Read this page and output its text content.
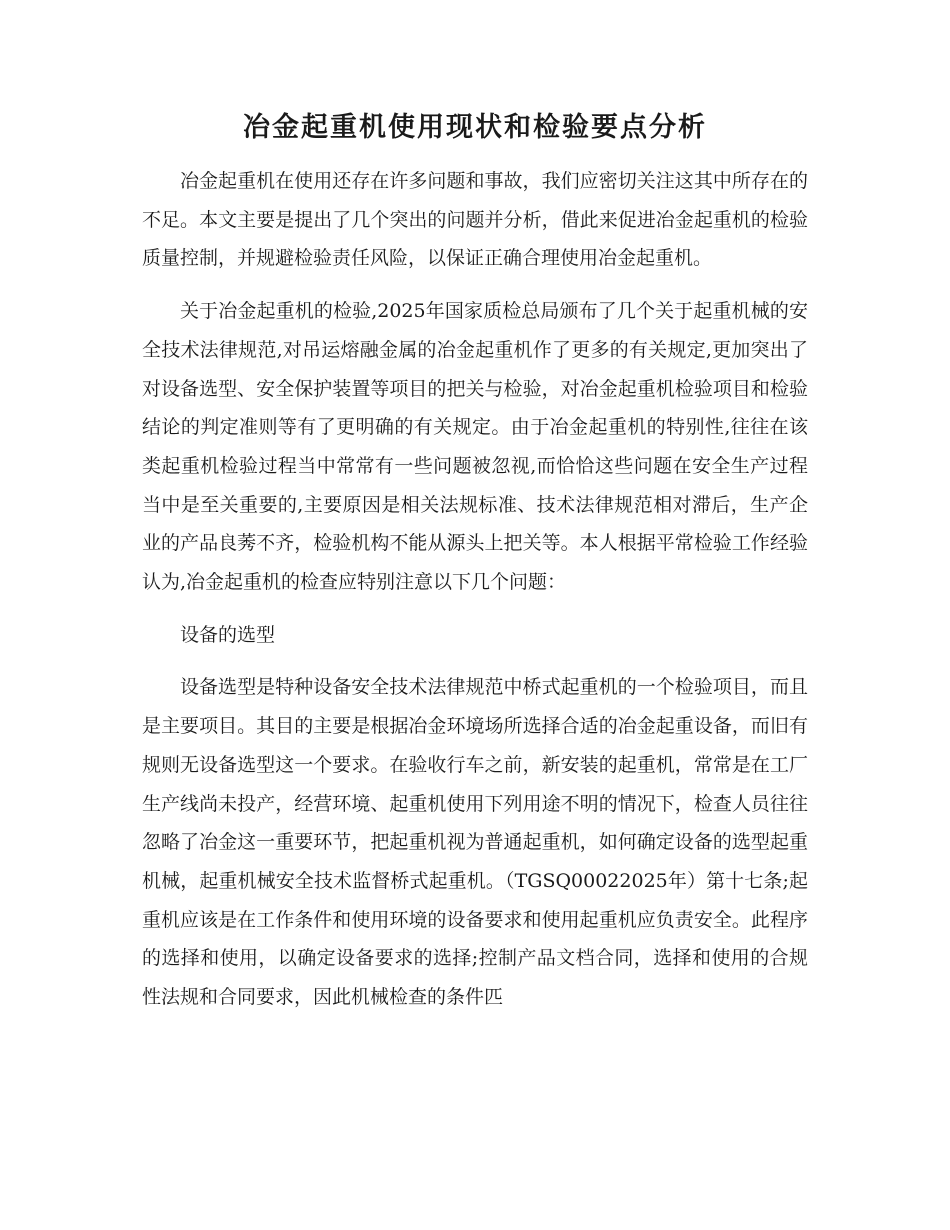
冶金起重机使用现状和检验要点分析

冶金起重机在使用还存在许多问题和事故，我们应密切关注这其中所存在的不足。本文主要是提出了几个突出的问题并分析，借此来促进冶金起重机的检验质量控制，并规避检验责任风险，以保证正确合理使用冶金起重机。

关于冶金起重机的检验,2025年国家质检总局颁布了几个关于起重机械的安全技术法律规范,对吊运熔融金属的冶金起重机作了更多的有关规定,更加突出了对设备选型、安全保护装置等项目的把关与检验，对冶金起重机检验项目和检验结论的判定准则等有了更明确的有关规定。由于冶金起重机的特别性,往往在该类起重机检验过程当中常常有一些问题被忽视,而恰恰这些问题在安全生产过程当中是至关重要的,主要原因是相关法规标准、技术法律规范相对滞后，生产企业的产品良莠不齐，检验机构不能从源头上把关等。本人根据平常检验工作经验认为,冶金起重机的检查应特别注意以下几个问题：

设备的选型

设备选型是特种设备安全技术法律规范中桥式起重机的一个检验项目，而且是主要项目。其目的主要是根据冶金环境场所选择合适的冶金起重设备，而旧有规则无设备选型这一个要求。在验收行车之前，新安装的起重机，常常是在工厂生产线尚未投产，经营环境、起重机使用下列用途不明的情况下，检查人员往往忽略了冶金这一重要环节，把起重机视为普通起重机，如何确定设备的选型起重机械，起重机械安全技术监督桥式起重机。（TGSQ00022025年）第十七条;起重机应该是在工作条件和使用环境的设备要求和使用起重机应负责安全。此程序的选择和使用，以确定设备要求的选择;控制产品文档合同，选择和使用的合规性法规和合同要求，因此机械检查的条件匹
